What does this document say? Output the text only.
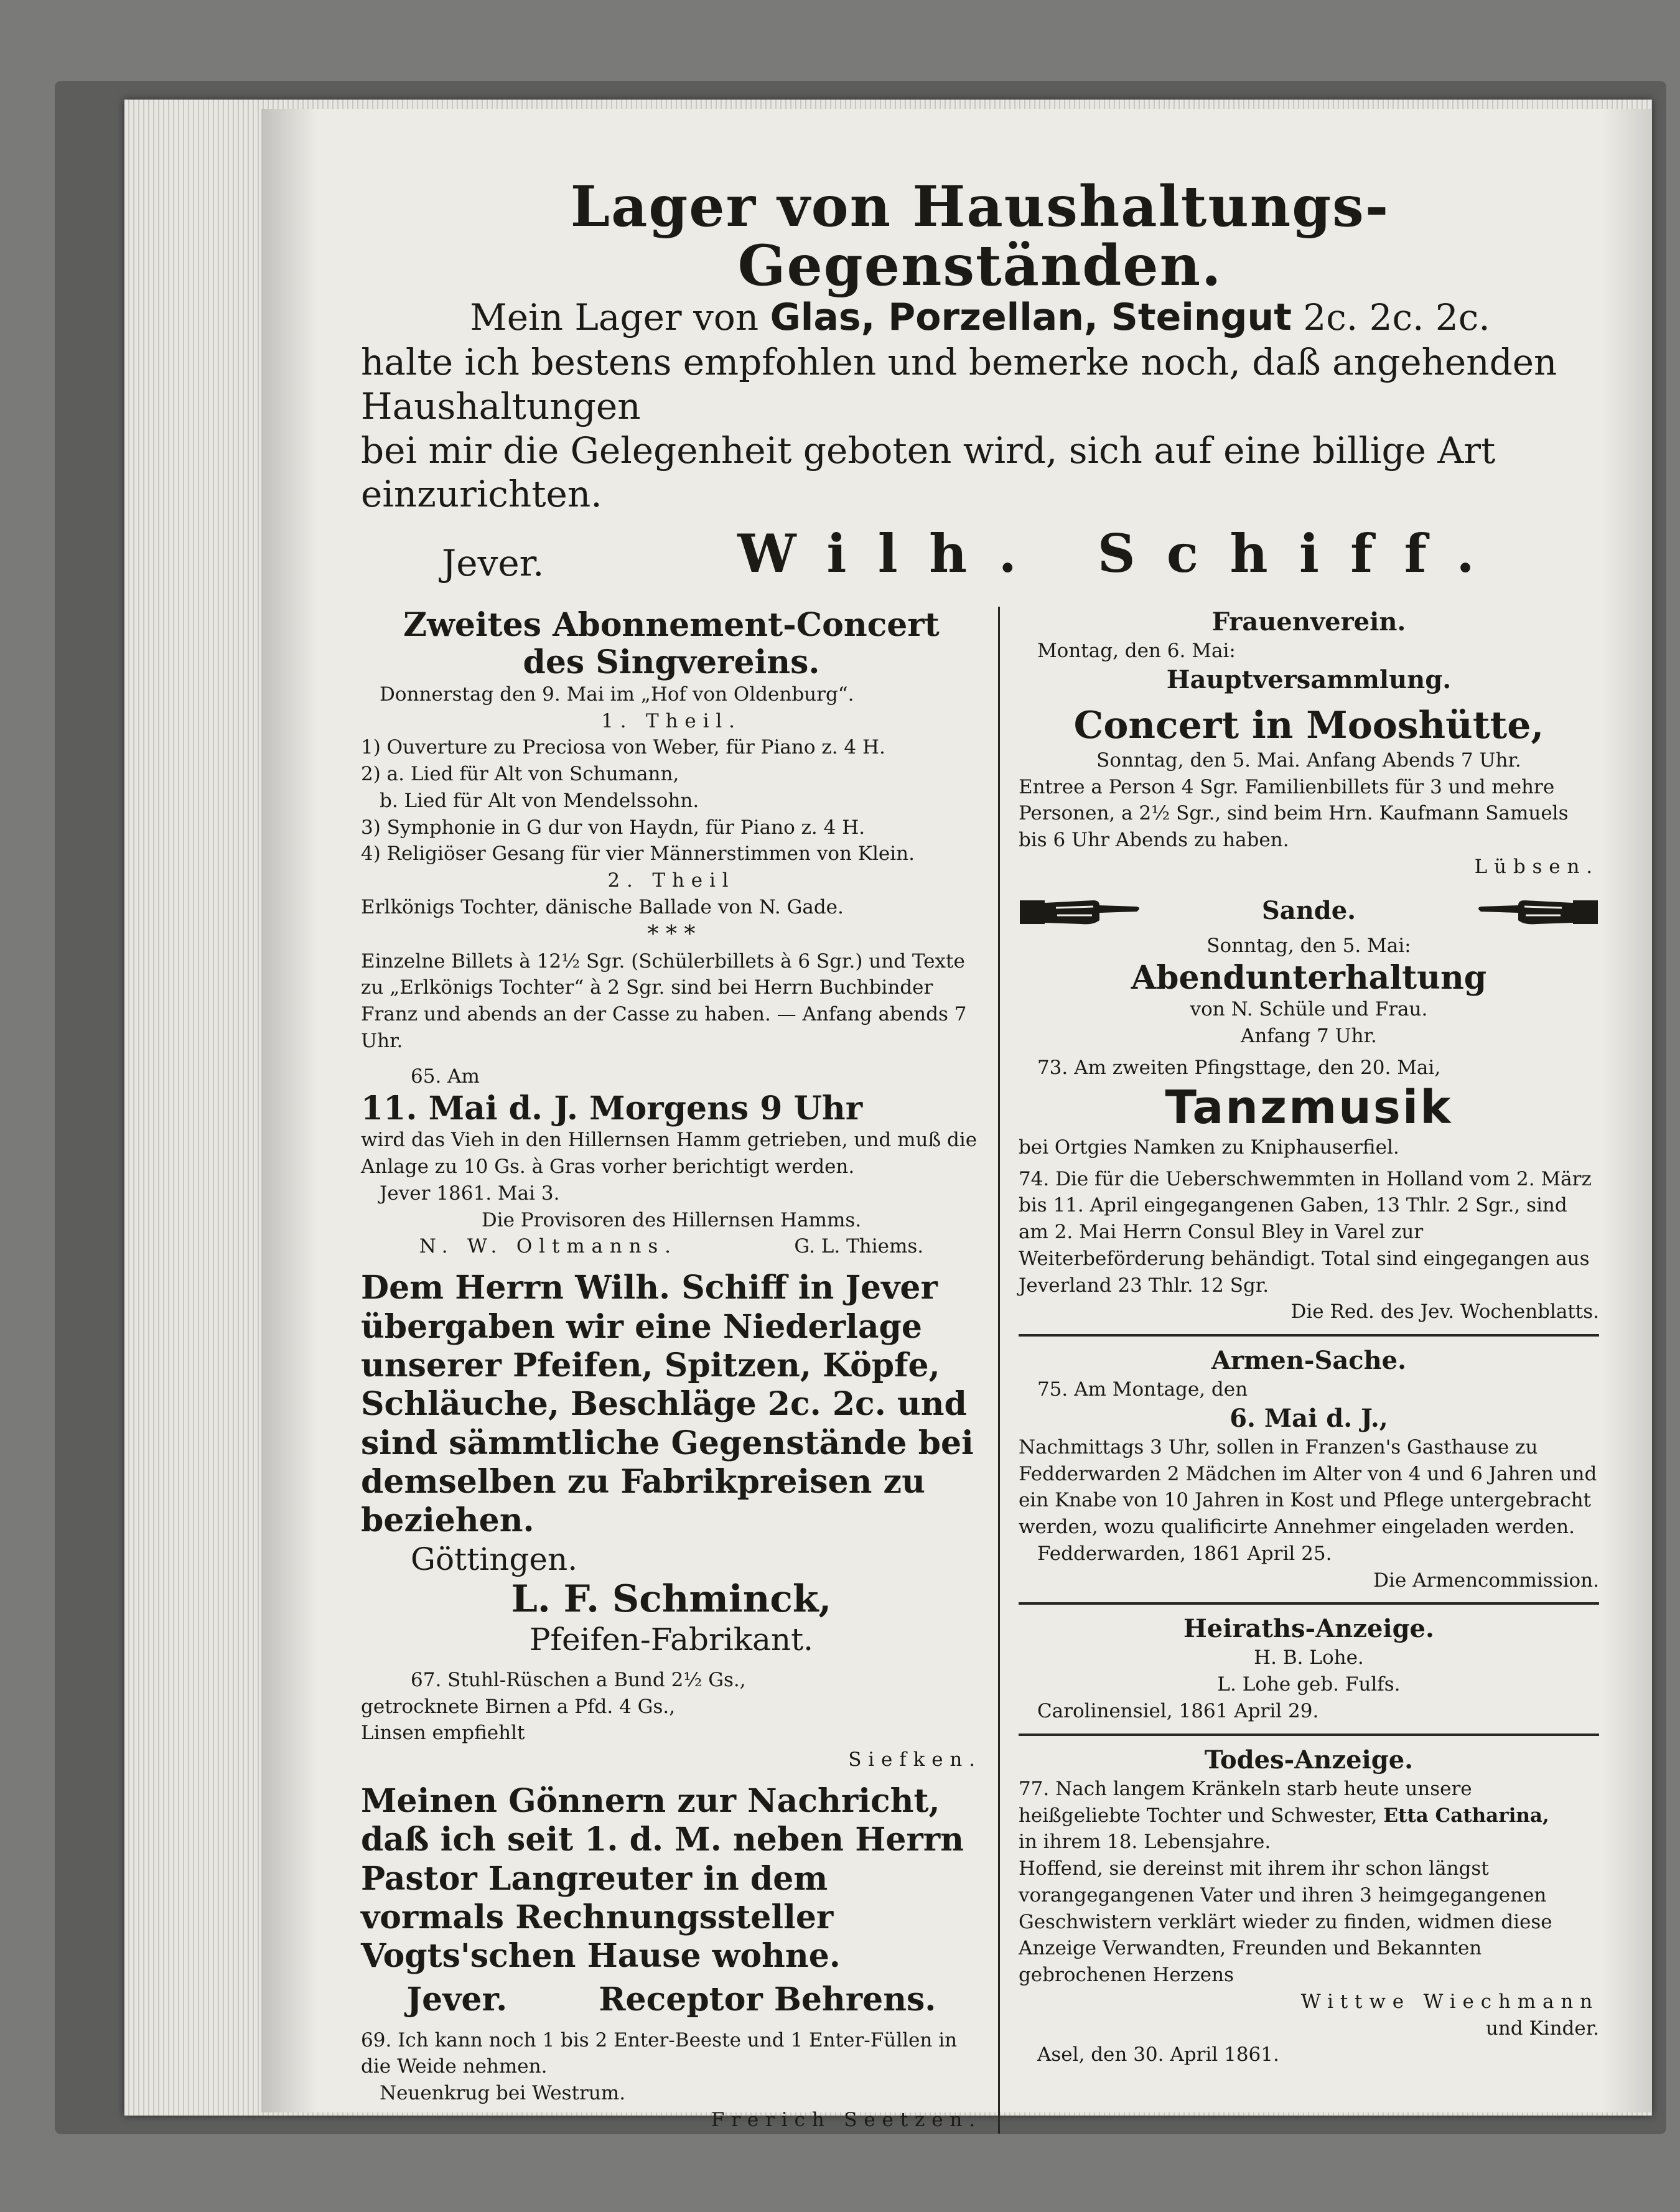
Lager von Haushaltungs-Gegenständen.
Mein Lager von Glas, Porzellan, Steingut 2c. 2c. 2c.
halte ich bestens empfohlen und bemerke noch, daß angehenden Haushaltungen
bei mir die Gelegenheit geboten wird, sich auf eine billige Art einzurichten.
Jever.	Wilh. Schiff.
Zweites Abonnement-Concert
des Singvereins.

Donnerstag den 9. Mai im „Hof von Oldenburg“.

1. Theil.

1) Ouverture zu Preciosa von Weber, für Piano z. 4 H.

2) a. Lied für Alt von Schumann,

b. Lied für Alt von Mendelssohn.

3) Symphonie in G dur von Haydn, für Piano z. 4 H.

4) Religiöser Gesang für vier Männerstimmen von Klein.

2. Theil

Erlkönigs Tochter, dänische Ballade von N. Gade.

* * *

Einzelne Billets à 12½ Sgr. (Schülerbillets à 6 Sgr.) und Texte zu „Erlkönigs Tochter“ à 2 Sgr. sind bei Herrn Buchbinder Franz und abends an der Casse zu haben. — Anfang abends 7 Uhr.

65. Am

11. Mai d. J. Morgens 9 Uhr

wird das Vieh in den Hillernsen Hamm getrieben, und muß die Anlage zu 10 Gs. à Gras vorher berichtigt werden.

Jever 1861. Mai 3.

Die Provisoren des Hillernsen Hamms.

N. W. Oltmanns.	G. L. Thiems.
Dem Herrn Wilh. Schiff in Jever übergaben wir eine Niederlage unserer Pfeifen, Spitzen, Köpfe, Schläuche, Beschläge 2c. 2c. und sind sämmtliche Gegenstände bei demselben zu Fabrikpreisen zu beziehen.
Göttingen.
L. F. Schminck,
Pfeifen-Fabrikant.

67. Stuhl-Rüschen a Bund 2½ Gs.,

getrocknete Birnen a Pfd. 4 Gs.,

Linsen empfiehlt

Siefken.

Meinen Gönnern zur Nachricht, daß ich seit 1. d. M. neben Herrn Pastor Langreuter in dem vormals Rechnungssteller Vogts'schen Hause wohne.
Jever.	Receptor Behrens.

69. Ich kann noch 1 bis 2 Enter-Beeste und 1 Enter-Füllen in die Weide nehmen.

Neuenkrug bei Westrum.

Frerich Seetzen.

Frauenverein.

Montag, den 6. Mai:

Hauptversammlung.
Concert in Mooshütte,

Sonntag, den 5. Mai. Anfang Abends 7 Uhr.

Entree a Person 4 Sgr. Familienbillets für 3 und mehre Personen, a 2½ Sgr., sind beim Hrn. Kaufmann Samuels bis 6 Uhr Abends zu haben.

Lübsen.

Sande.

Sonntag, den 5. Mai:

Abendunterhaltung

von N. Schüle und Frau.

Anfang 7 Uhr.

73. Am zweiten Pfingsttage, den 20. Mai,

Tanzmusik

bei Ortgies Namken zu Kniphauserfiel.

74. Die für die Ueberschwemmten in Holland vom 2. März bis 11. April eingegangenen Gaben, 13 Thlr. 2 Sgr., sind am 2. Mai Herrn Consul Bley in Varel zur Weiterbeförderung behändigt. Total sind eingegangen aus Jeverland 23 Thlr. 12 Sgr.

Die Red. des Jev. Wochenblatts.

Armen-Sache.

75. Am Montage, den

6. Mai d. J.,

Nachmittags 3 Uhr, sollen in Franzen's Gasthause zu Fedderwarden 2 Mädchen im Alter von 4 und 6 Jahren und ein Knabe von 10 Jahren in Kost und Pflege untergebracht werden, wozu qualificirte Annehmer eingeladen werden.

Fedderwarden, 1861 April 25.

Die Armencommission.

Heiraths-Anzeige.

H. B. Lohe.

L. Lohe geb. Fulfs.

Carolinensiel, 1861 April 29.

Todes-Anzeige.

77. Nach langem Kränkeln starb heute unsere heißgeliebte Tochter und Schwester, Etta Catharina,

in ihrem 18. Lebensjahre.

Hoffend, sie dereinst mit ihrem ihr schon längst vorangegangenen Vater und ihren 3 heimgegangenen Geschwistern verklärt wieder zu finden, widmen diese Anzeige Verwandten, Freunden und Bekannten gebrochenen Herzens

Wittwe Wiechmann

und Kinder.

Asel, den 30. April 1861.
